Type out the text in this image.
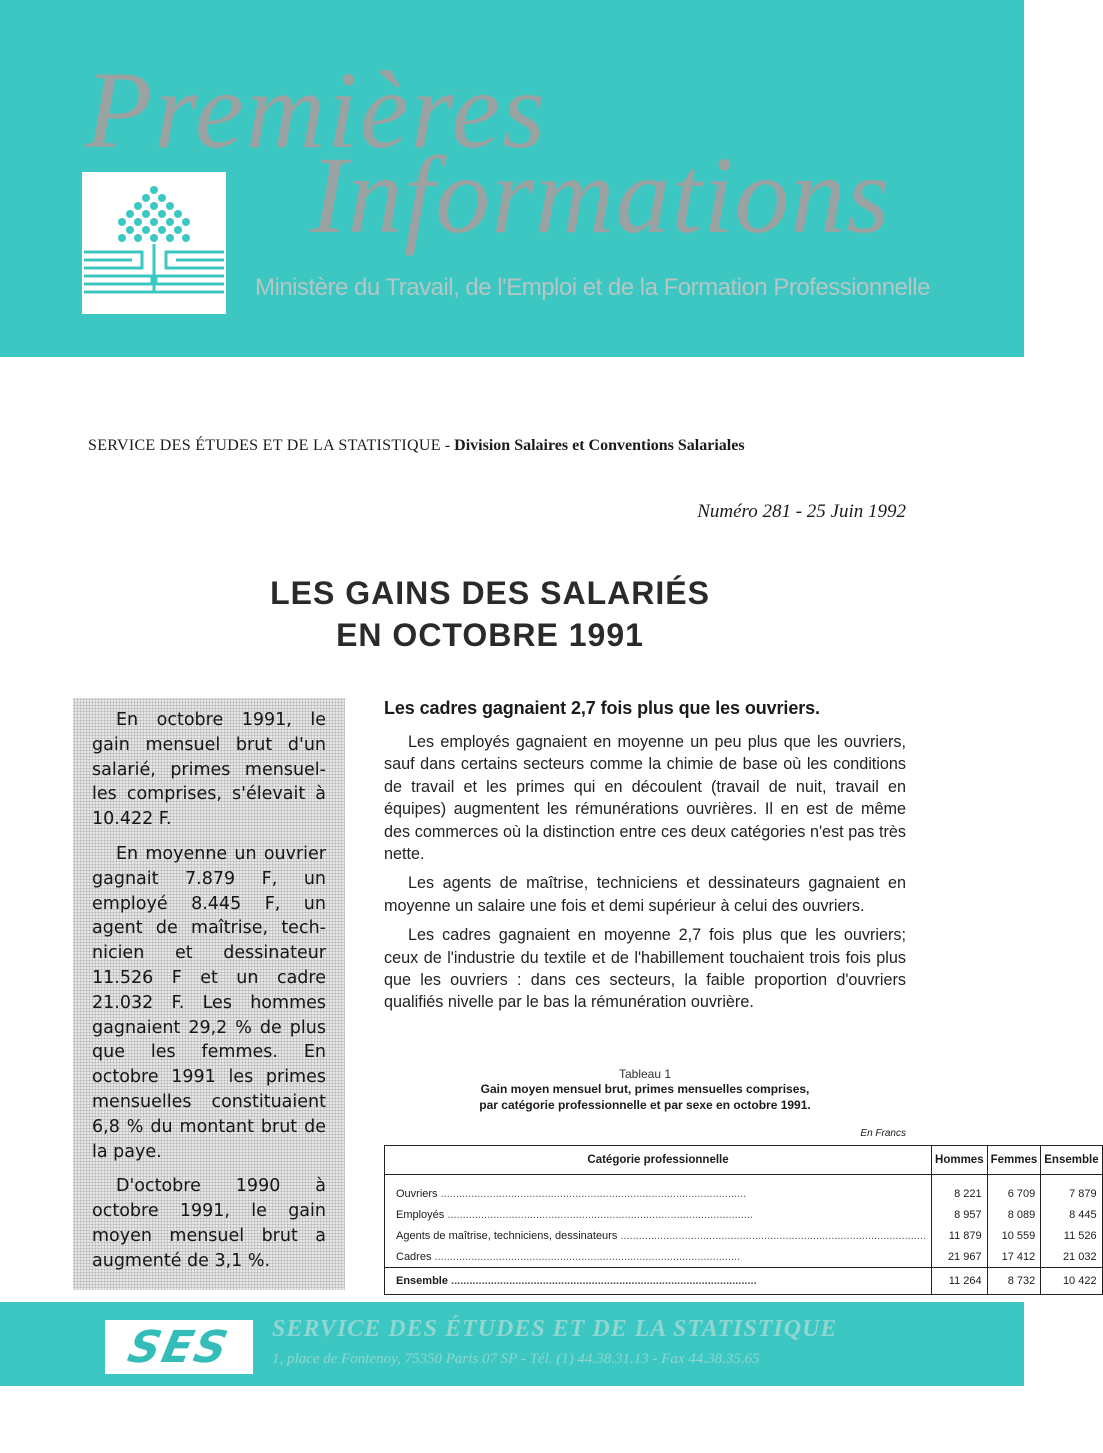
Premières
Informations
Ministère du Travail, de l'Emploi et de la Formation Professionnelle
SERVICE DES ÉTUDES ET DE LA STATISTIQUE - Division Salaires et Conventions Salariales
Numéro 281 - 25 Juin 1992
LES GAINS DES SALARIÉS
EN OCTOBRE 1991

En octobre 1991, le gain mensuel brut d'un salarié, primes mensuelles comprises, s'élevait à 10.422 F.

En moyenne un ouvrier gagnait 7.879 F, un employé 8.445 F, un agent de maîtrise, technicien et dessinateur 11.526 F et un cadre 21.032 F. Les hommes gagnaient 29,2 % de plus que les femmes. En octobre 1991 les primes mensuelles constituaient 6,8 % du montant brut de la paye.

D'octobre 1990 à octobre 1991, le gain moyen mensuel brut a augmenté de 3,1 %.

Les cadres gagnaient 2,7 fois plus que les ouvriers.

Les employés gagnaient en moyenne un peu plus que les ouvriers, sauf dans certains secteurs comme la chimie de base où les conditions de travail et les primes qui en découlent (travail de nuit, travail en équipes) augmentent les rémunérations ouvrières. Il en est de même des commerces où la distinction entre ces deux catégories n'est pas très nette.

Les agents de maîtrise, techniciens et dessinateurs gagnaient en moyenne un salaire une fois et demi supérieur à celui des ouvriers.

Les cadres gagnaient en moyenne 2,7 fois plus que les ouvriers; ceux de l'industrie du textile et de l'habillement touchaient trois fois plus que les ouvriers : dans ces secteurs, la faible proportion d'ouvriers qualifiés nivelle par le bas la rémunération ouvrière.

Tableau 1
Gain moyen mensuel brut, primes mensuelles comprises,
par catégorie professionnelle et par sexe en octobre 1991.
En Francs
Catégorie professionnelle	Hommes	Femmes	Ensemble
Ouvriers .....	8 221	6 709	7 879
Employés .....	8 957	8 089	8 445
Agents de maîtrise, techniciens, dessinateurs .....	11 879	10 559	11 526
Cadres .....	21 967	17 412	21 032
Ensemble .....	11 264	8 732	10 422
SES SERVICE DES ÉTUDES ET DE LA STATISTIQUE
1, place de Fontenoy, 75350 Paris 07 SP - Tél. (1) 44.38.31.13 - Fax 44.38.35.65
